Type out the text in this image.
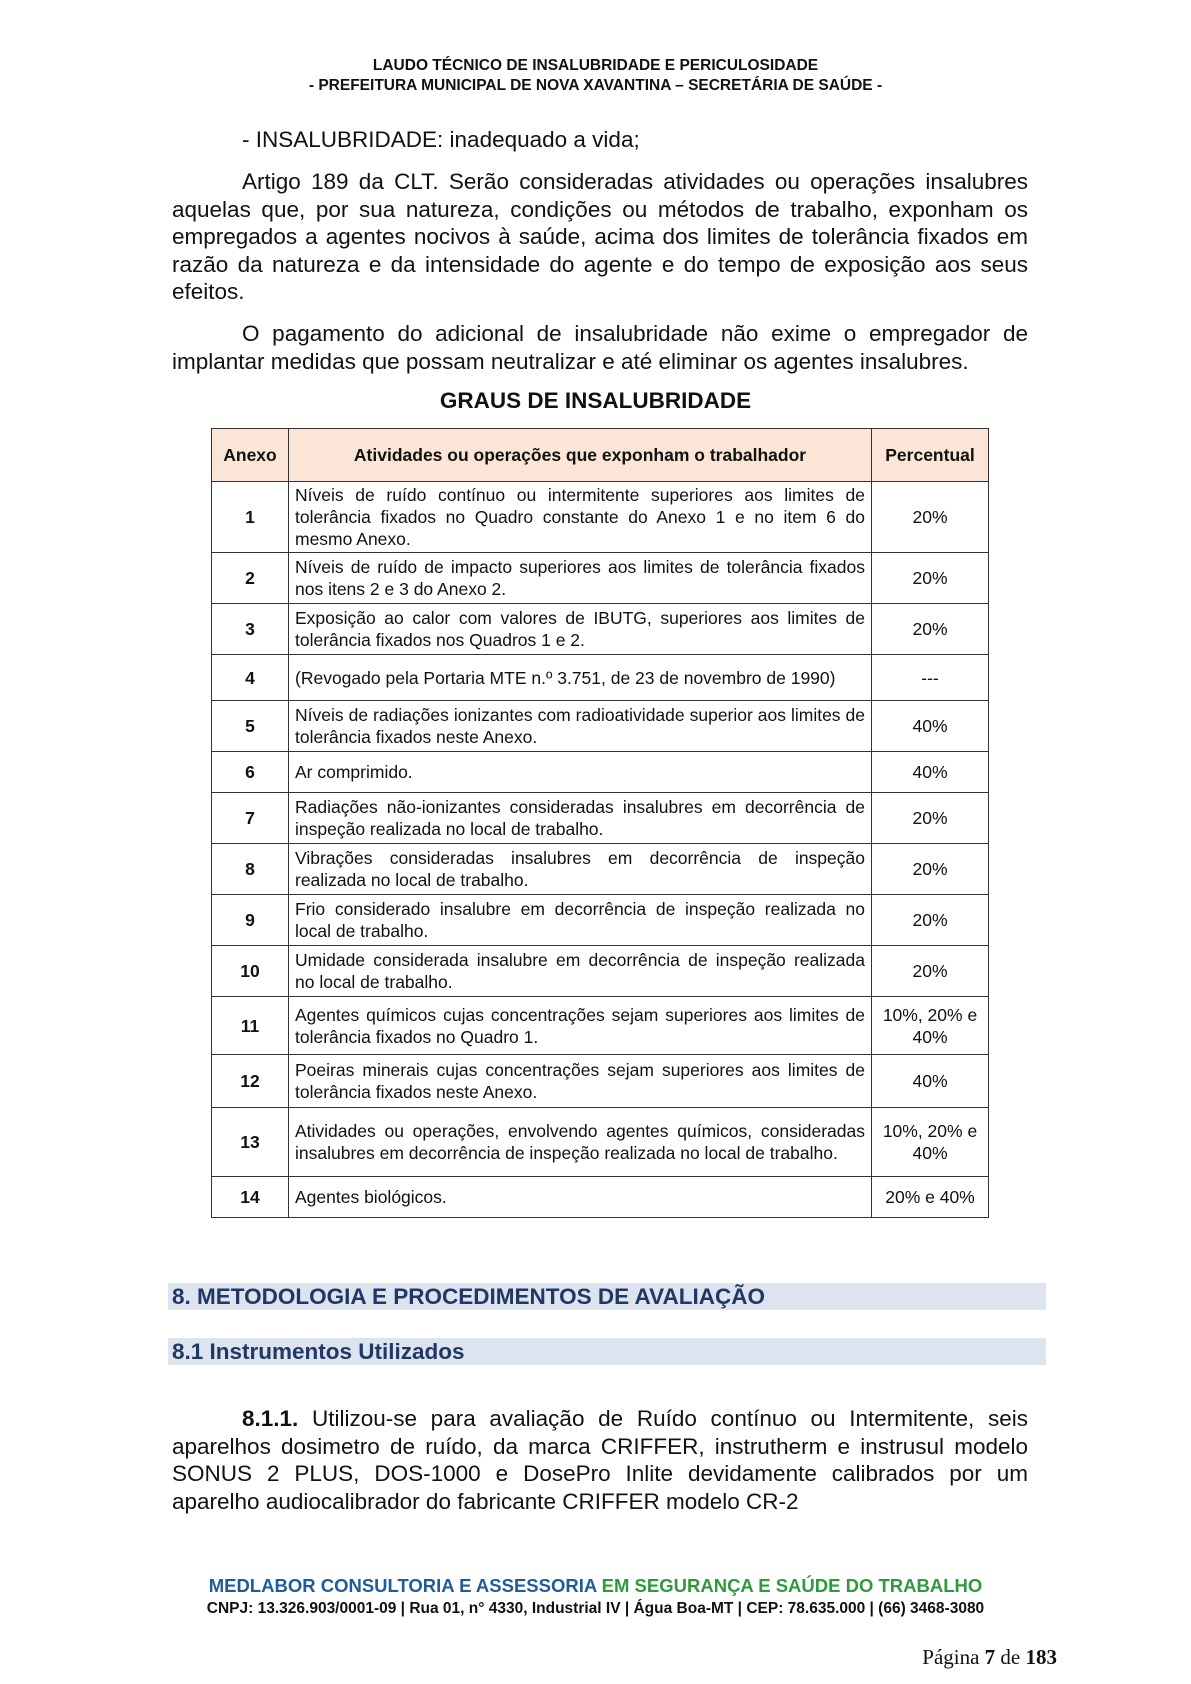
LAUDO TÉCNICO DE INSALUBRIDADE E PERICULOSIDADE
- PREFEITURA MUNICIPAL DE NOVA XAVANTINA – SECRETÁRIA DE SAÚDE -
- INSALUBRIDADE: inadequado a vida;
Artigo 189 da CLT. Serão consideradas atividades ou operações insalubres aquelas que, por sua natureza, condições ou métodos de trabalho, exponham os empregados a agentes nocivos à saúde, acima dos limites de tolerância fixados em razão da natureza e da intensidade do agente e do tempo de exposição aos seus efeitos.
O pagamento do adicional de insalubridade não exime o empregador de implantar medidas que possam neutralizar e até eliminar os agentes insalubres.
GRAUS DE INSALUBRIDADE
Anexo	Atividades ou operações que exponham o trabalhador	Percentual
1	Níveis de ruído contínuo ou intermitente superiores aos limites de tolerância fixados no Quadro constante do Anexo 1 e no item 6 do mesmo Anexo.	20%
2	Níveis de ruído de impacto superiores aos limites de tolerância fixados nos itens 2 e 3 do Anexo 2.	20%
3	Exposição ao calor com valores de IBUTG, superiores aos limites de tolerância fixados nos Quadros 1 e 2.	20%
4	(Revogado pela Portaria MTE n.º 3.751, de 23 de novembro de 1990)	---
5	Níveis de radiações ionizantes com radioatividade superior aos limites de tolerância fixados neste Anexo.	40%
6	Ar comprimido.	40%
7	Radiações não-ionizantes consideradas insalubres em decorrência de inspeção realizada no local de trabalho.	20%
8	Vibrações consideradas insalubres em decorrência de inspeção realizada no local de trabalho.	20%
9	Frio considerado insalubre em decorrência de inspeção realizada no local de trabalho.	20%
10	Umidade considerada insalubre em decorrência de inspeção realizada no local de trabalho.	20%
11	Agentes químicos cujas concentrações sejam superiores aos limites de tolerância fixados no Quadro 1.	10%, 20% e 40%
12	Poeiras minerais cujas concentrações sejam superiores aos limites de tolerância fixados neste Anexo.	40%
13	Atividades ou operações, envolvendo agentes químicos, consideradas insalubres em decorrência de inspeção realizada no local de trabalho.	10%, 20% e 40%
14	Agentes biológicos.	20% e 40%
8. METODOLOGIA E PROCEDIMENTOS DE AVALIAÇÃO
8.1 Instrumentos Utilizados
8.1.1. Utilizou-se para avaliação de Ruído contínuo ou Intermitente, seis aparelhos dosimetro de ruído, da marca CRIFFER, instrutherm e instrusul modelo SONUS 2 PLUS, DOS-1000 e DosePro Inlite devidamente calibrados por um aparelho audiocalibrador do fabricante CRIFFER modelo CR-2
MEDLABOR CONSULTORIA E ASSESSORIA EM SEGURANÇA E SAÚDE DO TRABALHO
CNPJ: 13.326.903/0001-09 | Rua 01, n° 4330, Industrial IV | Água Boa-MT | CEP: 78.635.000 | (66) 3468-3080
Página 7 de 183
